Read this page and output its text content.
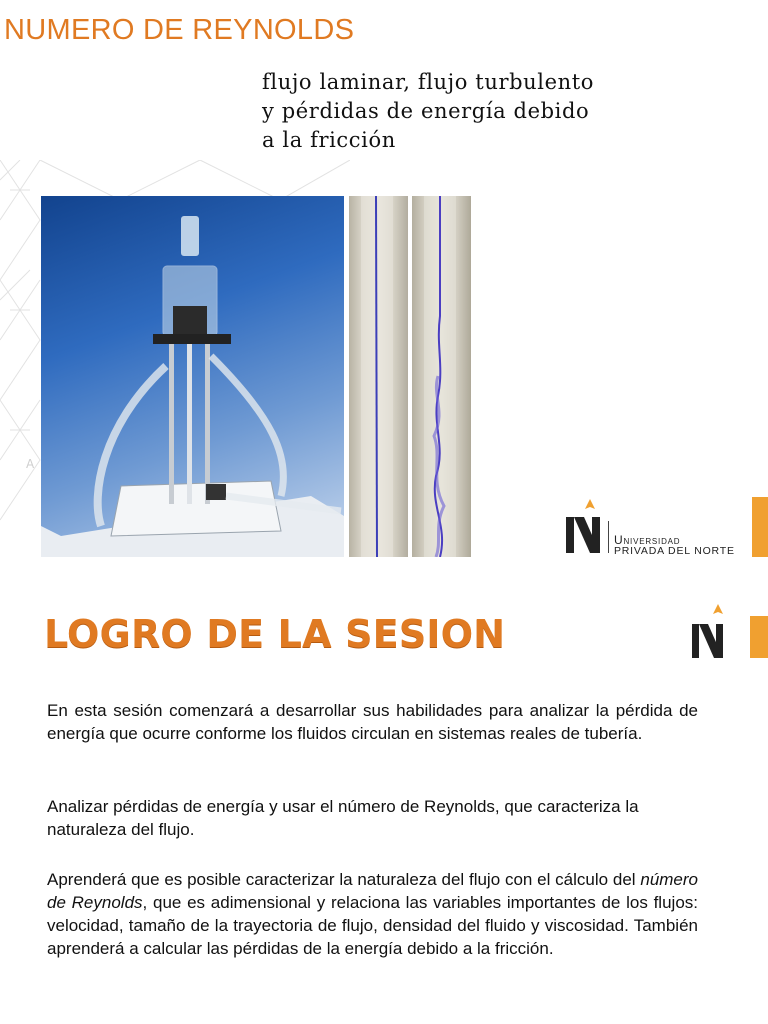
NUMERO DE REYNOLDS
flujo laminar, flujo turbulento
y pérdidas de energía debido
a la fricción
A
Universidad
PRIVADA DEL NORTE
LOGRO DE LA SESION

En esta sesión comenzará a desarrollar sus habilidades para analizar la pérdida de energía que ocurre conforme los fluidos circulan en sistemas reales de tubería.

Analizar pérdidas de energía y usar el número de Reynolds, que caracteriza la naturaleza del flujo.

Aprenderá que es posible caracterizar la naturaleza del flujo con el cálculo del número de Reynolds, que es adimensional y relaciona las variables importantes de los flujos: velocidad, tamaño de la trayectoria de flujo, densidad del fluido y viscosidad. También aprenderá a calcular las pérdidas de la energía debido a la fricción.
